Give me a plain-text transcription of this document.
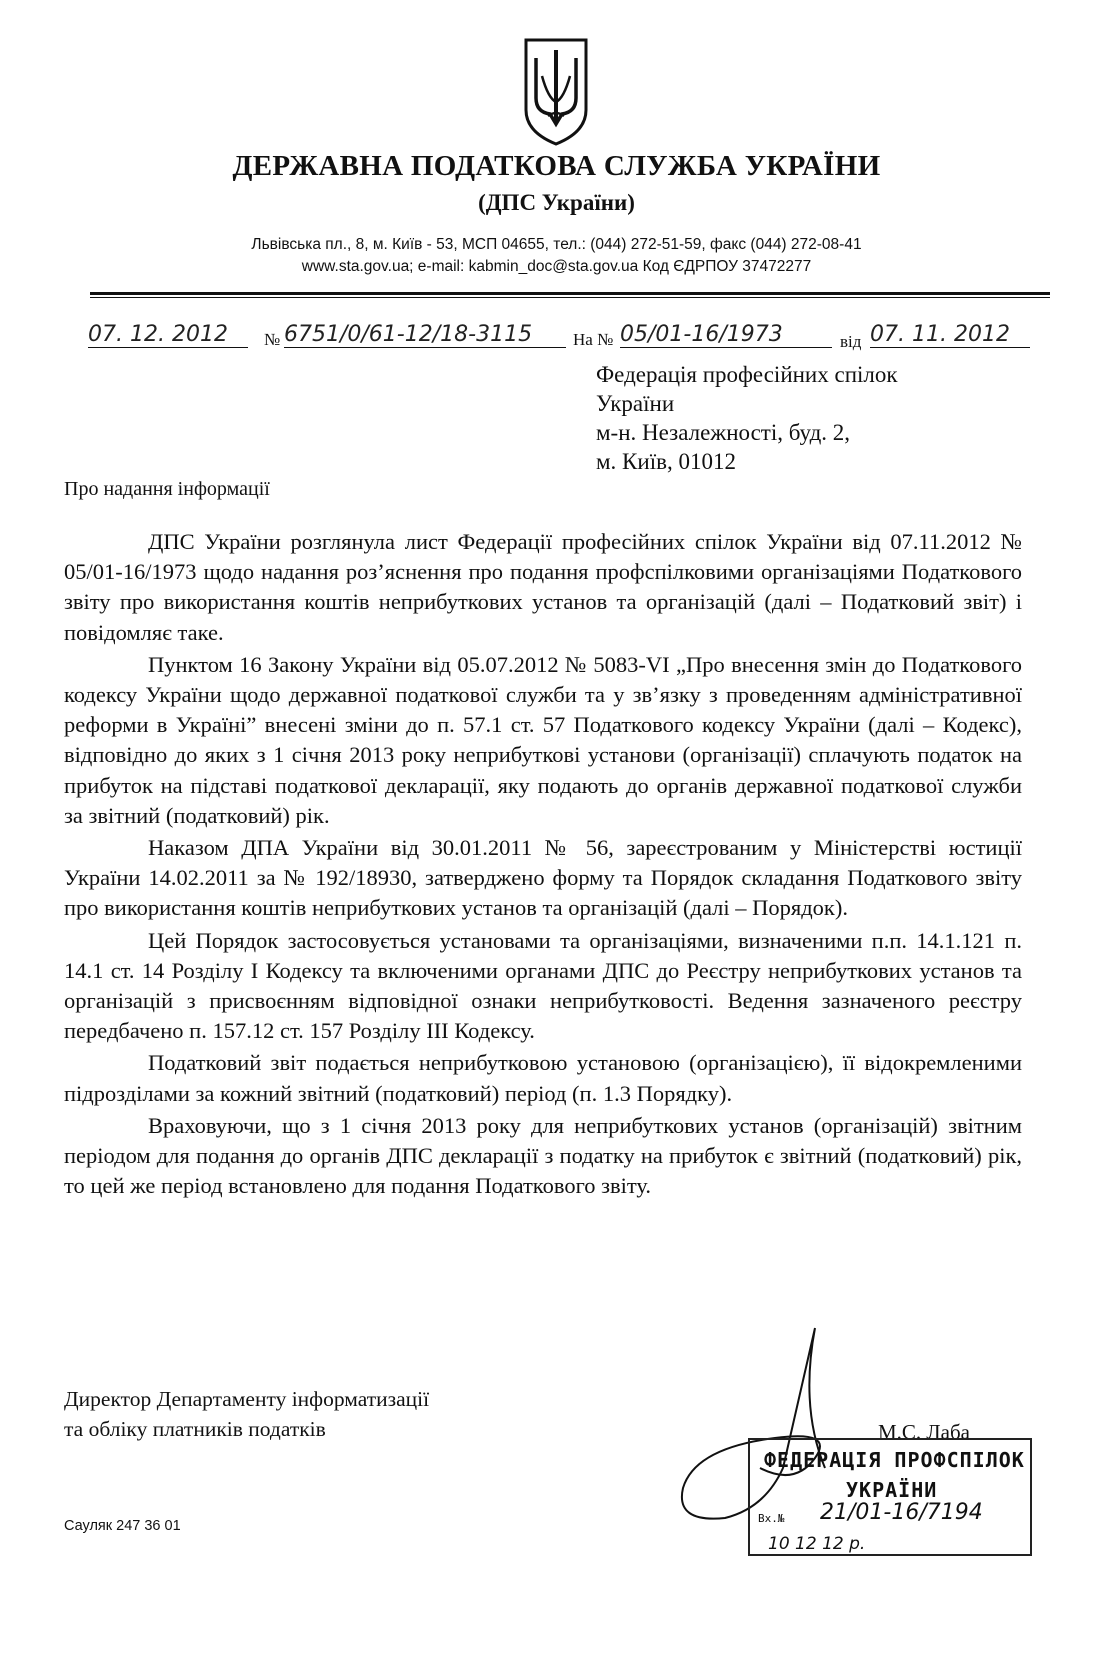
ДЕРЖАВНА ПОДАТКОВА СЛУЖБА УКРАЇНИ
(ДПС України)
Львівська пл., 8, м. Київ - 53, МСП 04655, тел.: (044) 272-51-59, факс (044) 272-08-41
www.sta.gov.ua; e-mail: kabmin_doc@sta.gov.ua Код ЄДРПОУ 37472277
07. 12. 2012	№ 6751/0/61-12/18-3115	На № 05/01-16/1973	від 07. 11. 2012
Федерація професійних спілок
України
м-н. Незалежності, буд. 2,
м. Київ, 01012
Про надання інформації

ДПС України розглянула лист Федерації професійних спілок України від 07.11.2012 № 05/01-16/1973 щодо надання роз’яснення про подання профспілковими організаціями Податкового звіту про використання коштів неприбуткових установ та організацій (далі – Податковий звіт) і повідомляє таке.

Пунктом 16 Закону України від 05.07.2012 № 5083-VI „Про внесення змін до Податкового кодексу України щодо державної податкової служби та у зв’язку з проведенням адміністративної реформи в Україні” внесені зміни до п. 57.1 ст. 57 Податкового кодексу України (далі – Кодекс), відповідно до яких з 1 січня 2013 року неприбуткові установи (організації) сплачують податок на прибуток на підставі податкової декларації, яку подають до органів державної податкової служби за звітний (податковий) рік.

Наказом ДПА України від 30.01.2011 № 56, зареєстрованим у Міністерстві юстиції України 14.02.2011 за № 192/18930, затверджено форму та Порядок складання Податкового звіту про використання коштів неприбуткових установ та організацій (далі – Порядок).

Цей Порядок застосовується установами та організаціями, визначеними п.п. 14.1.121 п. 14.1 ст. 14 Розділу І Кодексу та включеними органами ДПС до Реєстру неприбуткових установ та організацій з присвоєнням відповідної ознаки неприбутковості. Ведення зазначеного реєстру передбачено п. 157.12 ст. 157 Розділу ІІІ Кодексу.

Податковий звіт подається неприбутковою установою (організацією), її відокремленими підрозділами за кожний звітний (податковий) період (п. 1.3 Порядку).

Враховуючи, що з 1 січня 2013 року для неприбуткових установ (організацій) звітним періодом для подання до органів ДПС декларації з податку на прибуток є звітний (податковий) рік, то цей же період встановлено для подання Податкового звіту.

Директор Департаменту інформатизації
та обліку платників податків	М.С. Лаба
ФЕДЕРАЦІЯ ПРОФСПІЛОК
УКРАЇНИ
Вх.№ 21/01-16/7194
10 12 12 р.
Сауляк 247 36 01
